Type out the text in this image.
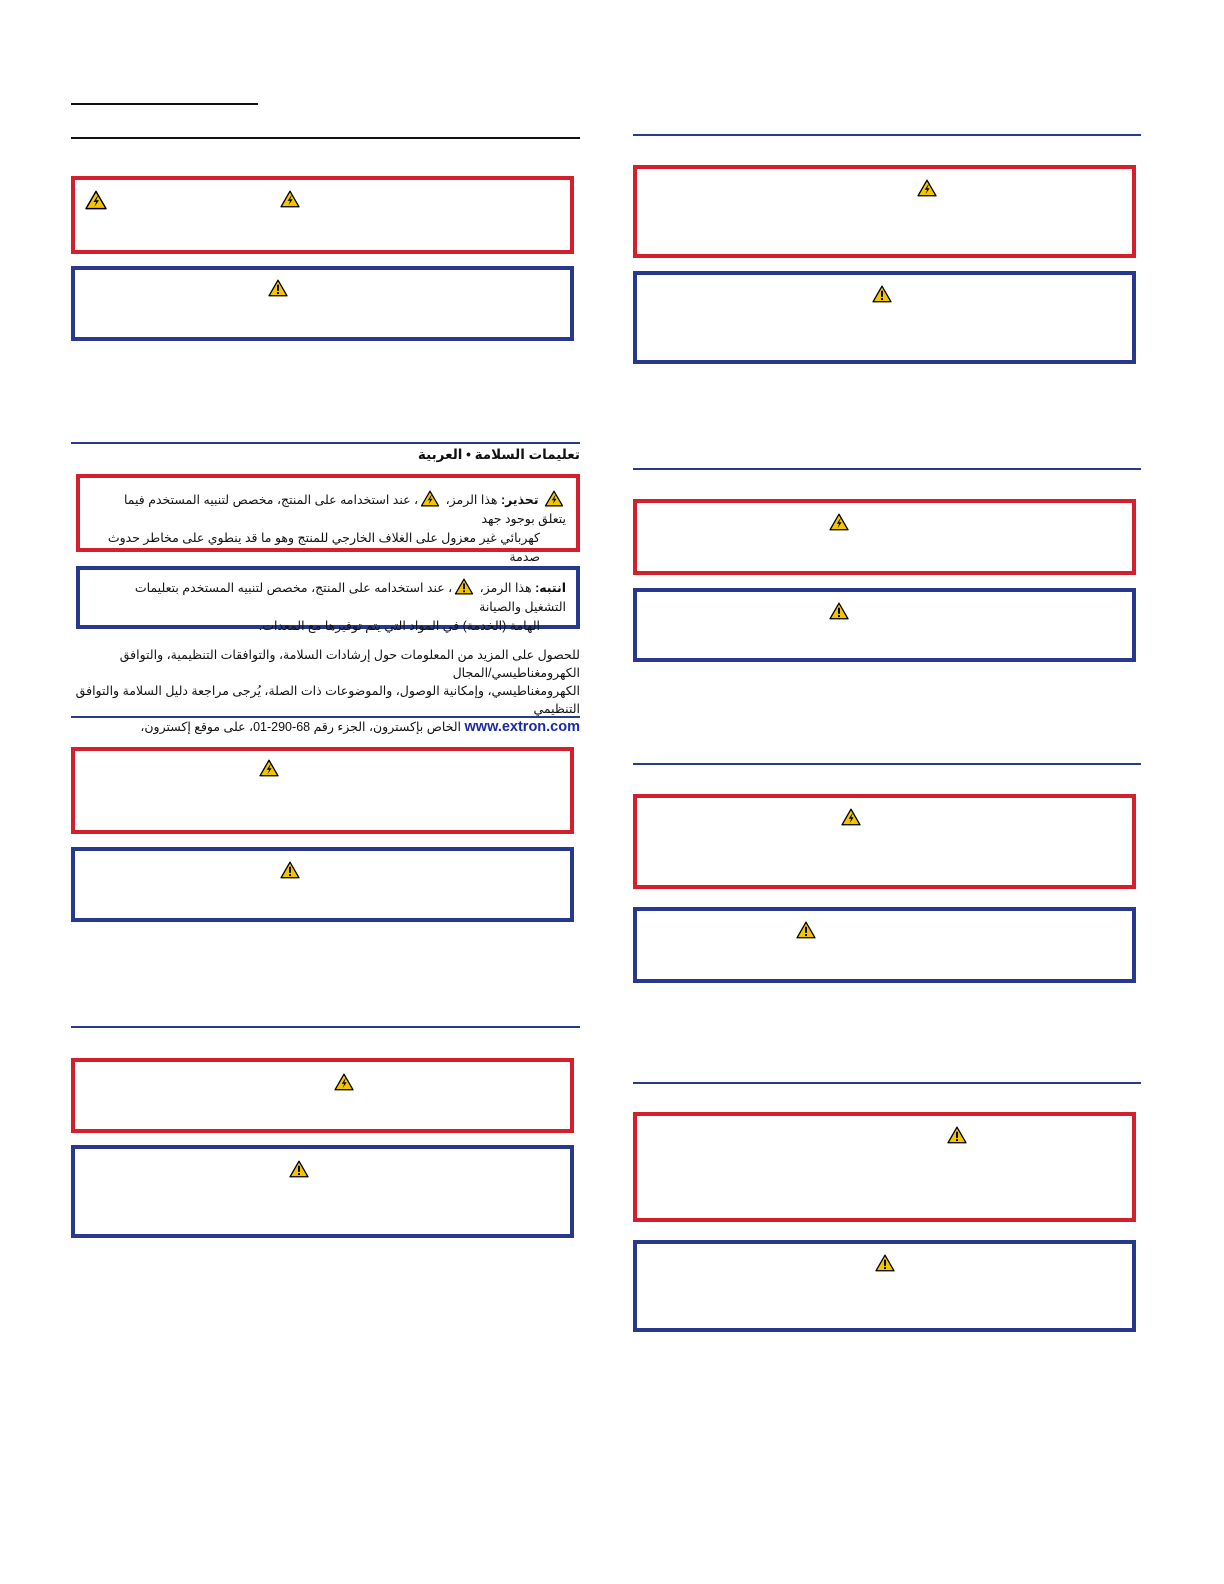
تعليمات السلامة • العربية
تحذير: هذا الرمز، ، عند استخدامه على المنتج، مخصص لتنبيه المستخدم فيما يتعلق بوجود جهد
كهربائي غير معزول على الغلاف الخارجي للمنتج وهو ما قد ينطوي على مخاطر حدوث صدمة
انتبه: هذا الرمز، ، عند استخدامه على المنتج، مخصص لتنبيه المستخدم بتعليمات التشغيل والصيانة
الهامة (الخدمة) في المواد التي يتم توفيرها مع المعدات.
للحصول على المزيد من المعلومات حول إرشادات السلامة، والتوافقات التنظيمية، والتوافق الكهرومغناطيسي/المجال
الكهرومغناطيسي، وإمكانية الوصول، والموضوعات ذات الصلة، يُرجى مراجعة دليل السلامة والتوافق التنظيمي
www.extron.com الخاص بإكسترون، الجزء رقم 68-290-01، على موقع إكسترون،
